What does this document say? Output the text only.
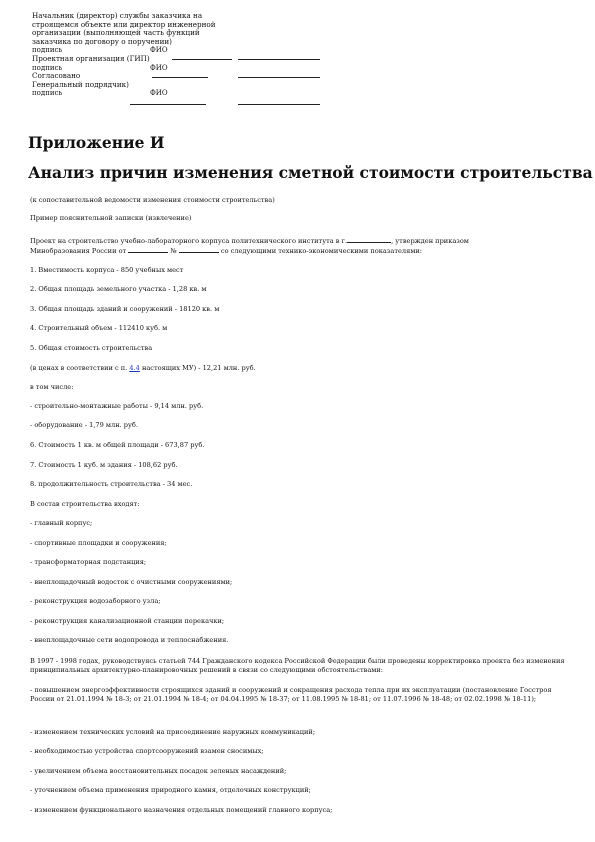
Начальник (директор) службы заказчика на
строящемся объекте или директор инженерной
организации (выполняющей часть функций
заказчика по договору о поручении)
подпись	ФИО
Проектная организация (ГИП)
подпись	ФИО
Согласовано
Генеральный подрядчик)
подпись	ФИО
Приложение И
Анализ причин изменения сметной стоимости строительства

(к сопоставительной ведомости изменения стоимости строительства)

Пример пояснительной записки (извлечение)

Проект на строительство учебно-лабораторного корпуса политехнического института в г.	, утвержден приказом
Минобразования России от	№	со следующими технико-экономическими показателями:

1. Вместимость корпуса - 850 учебных мест

2. Общая площадь земельного участка - 1,28 кв. м

3. Общая площадь зданий и сооружений - 18120 кв. м

4. Строительный объем - 112410 куб. м

5. Общая стоимость строительства

(в ценах в соответствии с п. 4.4 настоящих МУ) - 12,21 млн. руб.

в том числе:

- строительно-монтажные работы - 9,14 млн. руб.

- оборудование - 1,79 млн. руб.

6. Стоимость 1 кв. м общей площади - 673,87 руб.

7. Стоимость 1 куб. м здания - 108,62 руб.

8. продолжительность строительства - 34 мес.

В состав строительства входят:

- главный корпус;

- спортивные площадки и сооружения;

- трансформаторная подстанция;

- внеплощадочный водосток с очистными сооружениями;

- реконструкция водозаборного узла;

- реконструкция канализационной станции перекачки;

- внеплощадочные сети водопровода и теплоснабжения.

В 1997 - 1998 годах, руководствуясь статьей 744 Гражданского кодекса Российской Федерации были проведены корректировка проекта без изменения принципиальных архитектурно-планировочных решений в связи со следующими обстоятельствами:

- повышением энергоэффективности строящихся зданий и сооружений и сокращения расхода тепла при их эксплуатации (постановление Госстроя России от 21.01.1994 № 18-3; от 21.01.1994 № 18-4; от 04.04.1995 № 18-37; от 11.08.1995 № 18-81; от 11.07.1996 № 18-48; от 02.02.1998 № 18-11);

- изменением технических условий на присоединение наружных коммуникаций;

- необходимостью устройства спортсооружений взамен сносимых;

- увеличением объема восстановительных посадок зеленых насаждений;

- уточнением объема применения природного камня, отделочных конструкций;

- изменением функционального назначения отдельных помещений главного корпуса;
